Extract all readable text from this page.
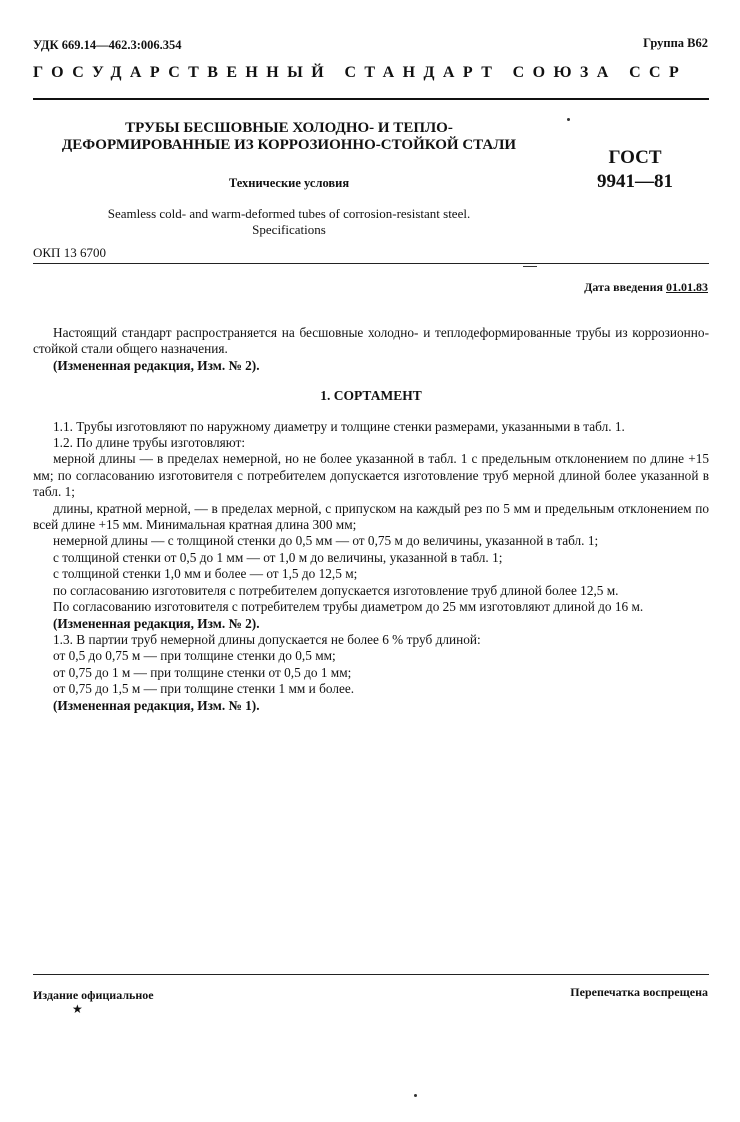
УДК 669.14—462.3:006.354	Группа В62
ГОСУДАРСТВЕННЫЙ СТАНДАРТ СОЮЗА ССР
ТРУБЫ БЕСШОВНЫЕ ХОЛОДНО- И ТЕПЛО-
ДЕФОРМИРОВАННЫЕ ИЗ КОРРОЗИОННО-СТОЙКОЙ СТАЛИ
Технические условия
Seamless cold- and warm-deformed tubes of corrosion-resistant steel.
Specifications
ГОСТ
9941—81
ОКП 13 6700
Дата введения 01.01.83

Настоящий стандарт распространяется на бесшовные холодно- и теплодеформированные трубы из коррозионно-стойкой стали общего назначения.

(Измененная редакция, Изм. № 2).

1. СОРТАМЕНТ

1.1. Трубы изготовляют по наружному диаметру и толщине стенки размерами, указанными в табл. 1.

1.2. По длине трубы изготовляют:

мерной длины — в пределах немерной, но не более указанной в табл. 1 с предельным отклонением по длине +15 мм; по согласованию изготовителя с потребителем допускается изготовление труб мерной длиной более указанной в табл. 1;

длины, кратной мерной, — в пределах мерной, с припуском на каждый рез по 5 мм и предельным отклонением по всей длине +15 мм. Минимальная кратная длина 300 мм;

немерной длины — с толщиной стенки до 0,5 мм — от 0,75 м до величины, указанной в табл. 1;

с толщиной стенки от 0,5 до 1 мм — от 1,0 м до величины, указанной в табл. 1;

с толщиной стенки 1,0 мм и более — от 1,5 до 12,5 м;

по согласованию изготовителя с потребителем допускается изготовление труб длиной более 12,5 м.

По согласованию изготовителя с потребителем трубы диаметром до 25 мм изготовляют длиной до 16 м.

(Измененная редакция, Изм. № 2).

1.3. В партии труб немерной длины допускается не более 6 % труб длиной:

от 0,5 до 0,75 м — при толщине стенки до 0,5 мм;

от 0,75 до 1 м — при толщине стенки от 0,5 до 1 мм;

от 0,75 до 1,5 м — при толщине стенки 1 мм и более.

(Измененная редакция, Изм. № 1).

Издание официальное	Перепечатка воспрещена
★
